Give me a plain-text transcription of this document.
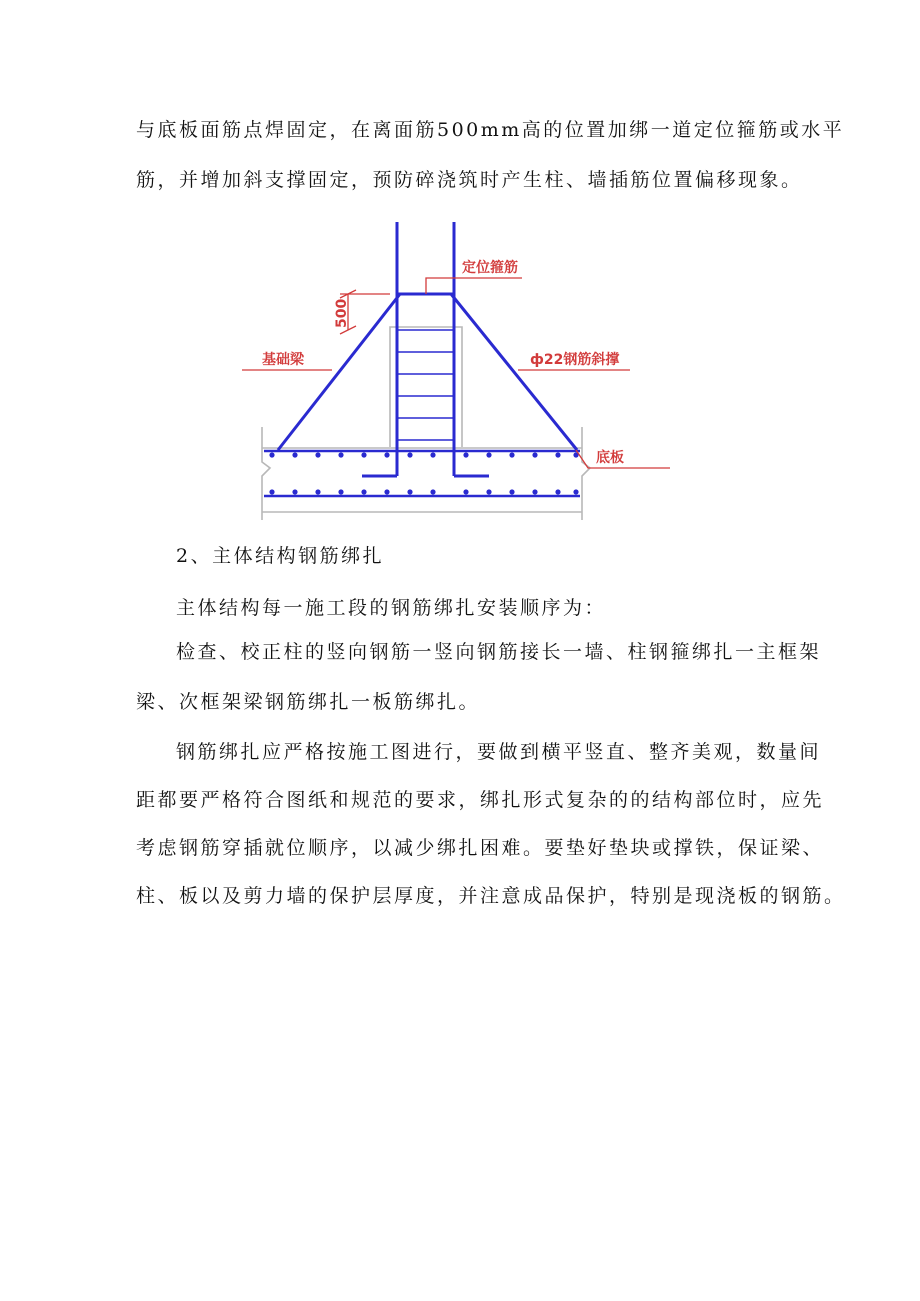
与底板面筋点焊固定，在离面筋500mm高的位置加绑一道定位箍筋或水平
筋，并增加斜支撑固定，预防碎浇筑时产生柱、墙插筋位置偏移现象。
定位箍筋
500
基础梁	ф22钢筋斜撑
底板
2、主体结构钢筋绑扎
主体结构每一施工段的钢筋绑扎安装顺序为：
检查、校正柱的竖向钢筋一竖向钢筋接长一墙、柱钢箍绑扎一主框架
梁、次框架梁钢筋绑扎一板筋绑扎。
钢筋绑扎应严格按施工图进行，要做到横平竖直、整齐美观，数量间
距都要严格符合图纸和规范的要求，绑扎形式复杂的的结构部位时，应先
考虑钢筋穿插就位顺序，以减少绑扎困难。要垫好垫块或撑铁，保证梁、
柱、板以及剪力墙的保护层厚度，并注意成品保护，特别是现浇板的钢筋。
